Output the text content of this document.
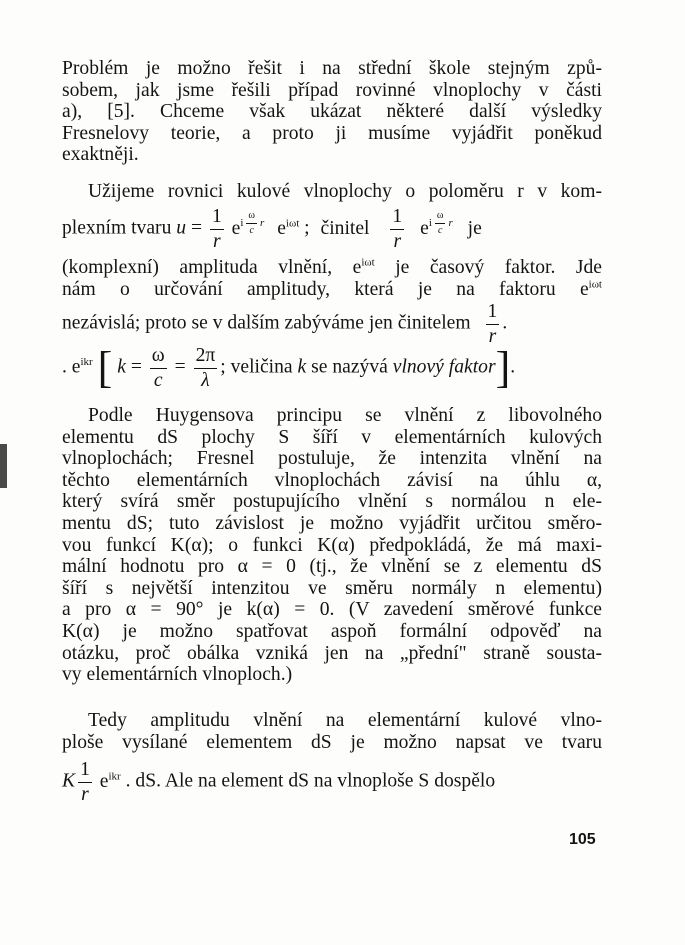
Problém je možno řešit i na střední škole stejným způ-
sobem, jak jsme řešili případ rovinné vlnoplochy v části
a), [5]. Chceme však ukázat některé další výsledky
Fresnelovy teorie, a proto ji musíme vyjádřit poněkud
exaktněji.
Užijeme rovnici kulové vlnoplochy o poloměru r v kom-
plexním tvaru $u = \frac{1}{r} e^{i \frac{\omega}{c} r}$ $e^{i\omega t}$ ; činitel $\frac{1}{r} e^{i \frac{\omega}{c} r}$ je
(komplexní) amplituda vlnění, $e^{i\omega t}$ je časový faktor. Jde
nám o určování amplitudy, která je na faktoru $e^{i\omega t}$
nezávislá; proto se v dalším zabýváme jen činitelem $\frac{1}{r}$ .
. $e^{ikr}$ [ $k = \frac{\omega}{c} = \frac{2\pi}{\lambda}$ ; veličina k se nazývá vlnový faktor].
Podle Huygensova principu se vlnění z libovolného
elementu dS plochy S šíří v elementárních kulových
vlnoplochách; Fresnel postuluje, že intenzita vlnění na
těchto elementárních vlnoplochách závisí na úhlu α,
který svírá směr postupujícího vlnění s normálou n ele-
mentu dS; tuto závislost je možno vyjádřit určitou směro-
vou funkcí K(α); o funkci K(α) předpokládá, že má maxi-
mální hodnotu pro α = 0 (tj., že vlnění se z elementu dS
šíří s největší intenzitou ve směru normály n elementu)
a pro α = 90° je k(α) = 0. (V zavedení směrové funkce
K(α) je možno spatřovat aspoň formální odpověď na
otázku, proč obálka vzniká jen na „přední" straně sousta-
vy elementárních vlnoploch.)
Tedy amplitudu vlnění na elementární kulové vlno-
ploše vysílané elementem dS je možno napsat ve tvaru
K $\frac{1}{r} e^{ikr}$ . dS. Ale na element dS na vlnoploše S dospělo
105
